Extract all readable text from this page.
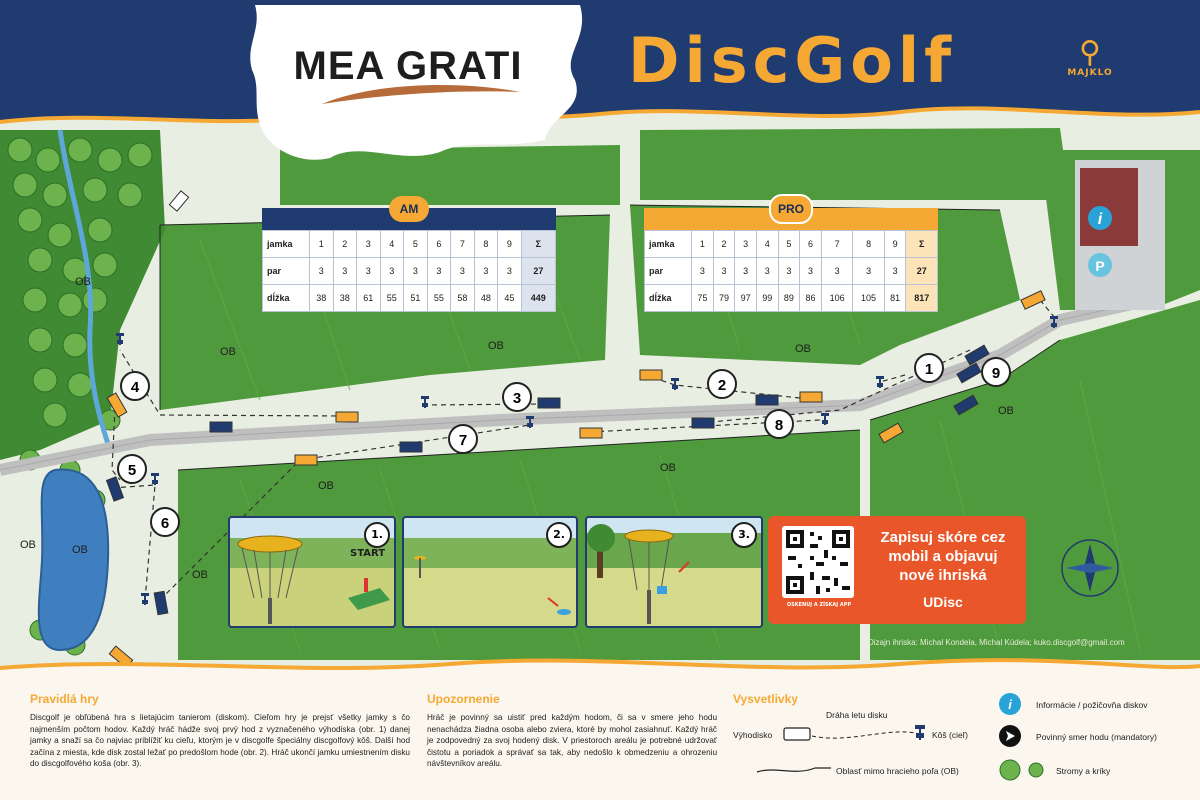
i
P
1
2
3
4
5
6
7
8
9
OB
OB	OB	OB
OB
OB
OB
OB	OB
OB
MEA GRATI	DiscGolf	⚲
MAJKLO
AM
jamka	1	2	3	4	5	6	7	8	9	Σ
par	3	3	3	3	3	3	3	3	3	27
dĺžka	38	38	61	55	51	55	58	48	45	449
PRO
jamka	1	2	3	4	5	6	7	8	9	Σ
par	3	3	3	3	3	3	3	3	3	27
dĺžka	75	79	97	99	89	86	106	105	81	817
START
1.	2.	3.
OSKENUJ A ZÍSKAJ APP
Zapisuj skóre cez
mobil a objavuj
nové ihriská
UDisc
Dizajn ihriska: Michal Kondela, Michal Kúdela; kuko.discgolf@gmail.com
Pravidlá hry
Discgolf je obľúbená hra s lietajúcim tanierom (diskom). Cieľom hry je prejsť všetky jamky s čo najmenším počtom hodov. Každý hráč hádže svoj prvý hod z vyznačeného výhodiska (obr. 1) danej jamky a snaží sa čo najviac priblížiť ku cieľu, ktorým je v discgolfe špeciálny discgolfový kôš. Další hod začína z miesta, kde disk zostal ležať po predošlom hode (obr. 2). Hráč ukončí jamku umiestnením disku do discgolfového koša (obr. 3).
Upozornenie
Hráč je povinný sa uistiť pred každým hodom, či sa v smere jeho hodu nenachádza žiadna osoba alebo zviera, ktoré by mohol zasiahnuť. Každý hráč je zodpovedný za svoj hodený disk. V priestoroch areálu je potrebné udržovať čistotu a poriadok a správať sa tak, aby nedošlo k obmedzeniu a ohrozeniu návštevníkov areálu.
Vysvetlivky
Dráha letu disku
Výhodisko	Kôš (cieľ)
Oblasť mimo hracieho poľa (OB)
i	Informácie / požičovňa diskov
Povinný smer hodu (mandatory)
Stromy a kríky
